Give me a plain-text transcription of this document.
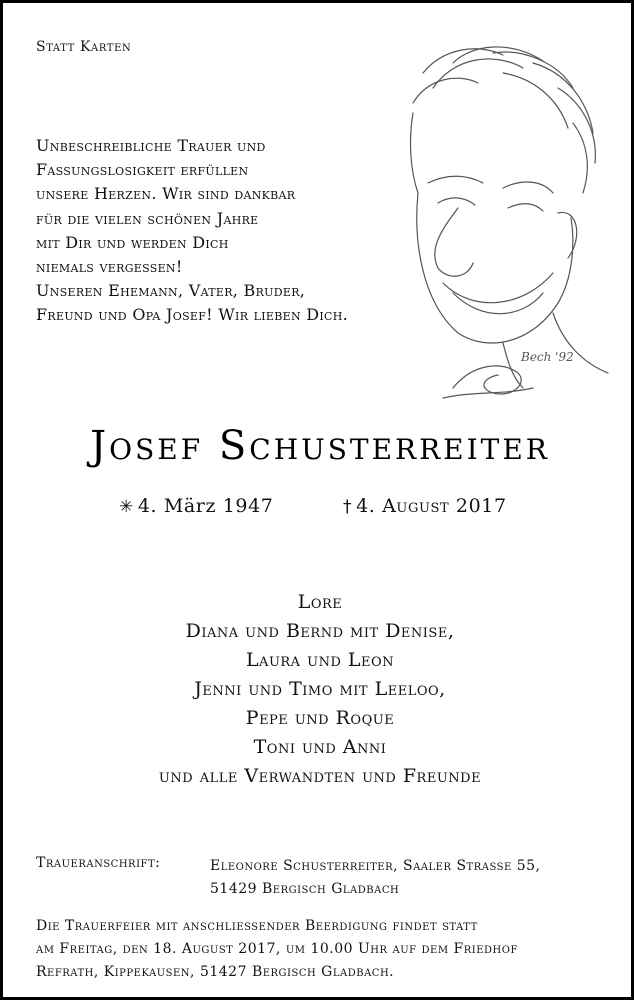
Statt Karten
Unbeschreibliche Trauer und
Fassungslosigkeit erfüllen
unsere Herzen. Wir sind dankbar
für die vielen schönen Jahre
mit Dir und werden Dich
niemals vergessen!
Unseren Ehemann, Vater, Bruder,
Freund und Opa Josef! Wir lieben Dich.
Bech '92
Josef Schusterreiter
✳ 4. März 1947	† 4. August 2017
Lore
Diana und Bernd mit Denise,
Laura und Leon
Jenni und Timo mit Leeloo,
Pepe und Roque
Toni und Anni
und alle Verwandten und Freunde
Traueranschrift:	Eleonore Schusterreiter, Saaler Strasse 55,
51429 Bergisch Gladbach
Die Trauerfeier mit anschliessender Beerdigung findet statt
am Freitag, den 18. August 2017, um 10.00 Uhr auf dem Friedhof
Refrath, Kippekausen, 51427 Bergisch Gladbach.
